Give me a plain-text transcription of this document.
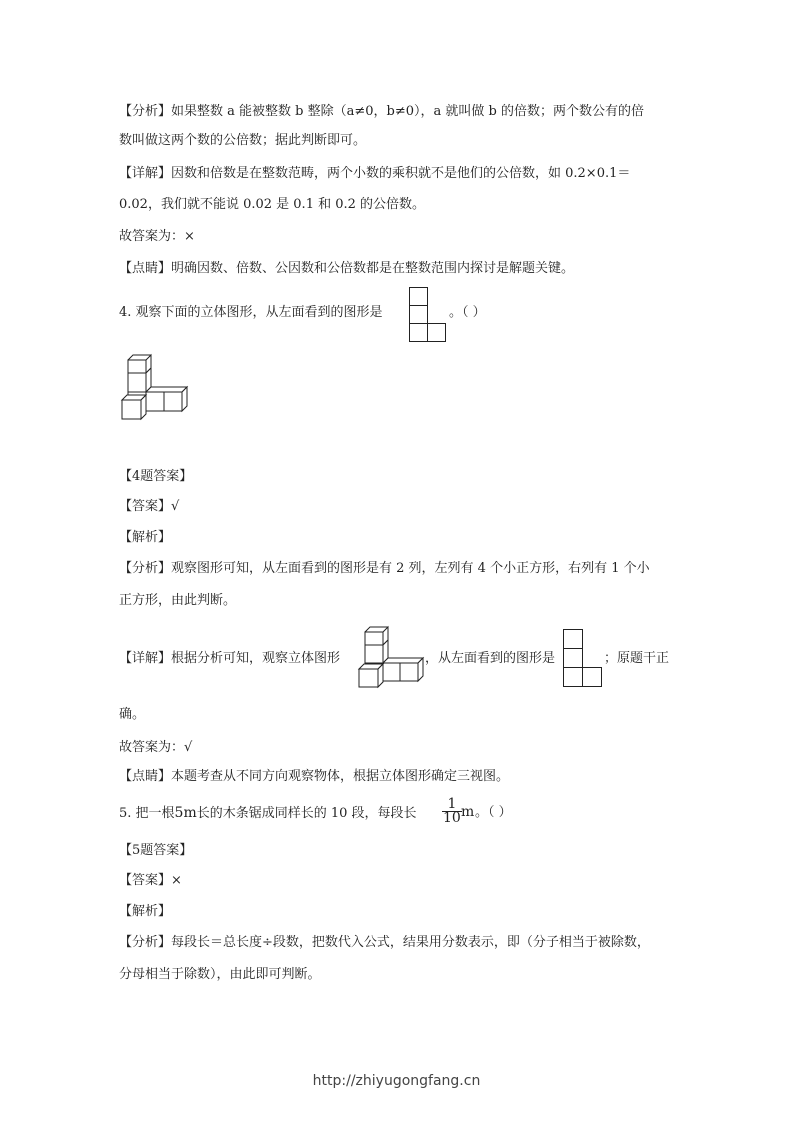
【分析】如果整数 a 能被整数 b 整除（a≠0，b≠0），a 就叫做 b 的倍数；两个数公有的倍
数叫做这两个数的公倍数；据此判断即可。
【详解】因数和倍数是在整数范畴，两个小数的乘积就不是他们的公倍数，如 0.2×0.1＝
0.02，我们就不能说 0.02 是 0.1 和 0.2 的公倍数。
故答案为：×
【点睛】明确因数、倍数、公因数和公倍数都是在整数范围内探讨是解题关键。
4. 观察下面的立体图形，从左面看到的图形是	。（ ）
【4题答案】
【答案】√
【解析】
【分析】观察图形可知，从左面看到的图形是有 2 列，左列有 4 个小正方形，右列有 1 个小
正方形，由此判断。
【详解】根据分析可知，观察立体图形	，从左面看到的图形是	；原题干正
确。
故答案为：√
【点睛】本题考查从不同方向观察物体，根据立体图形确定三视图。
5. 把一根5m长的木条锯成同样长的 10 段，每段长 $\frac{1}{10}$ m 。（ ）
【5题答案】
【答案】×
【解析】
【分析】每段长＝总长度÷段数，把数代入公式，结果用分数表示，即（分子相当于被除数，
分母相当于除数），由此即可判断。
http://zhiyugongfang.cn
